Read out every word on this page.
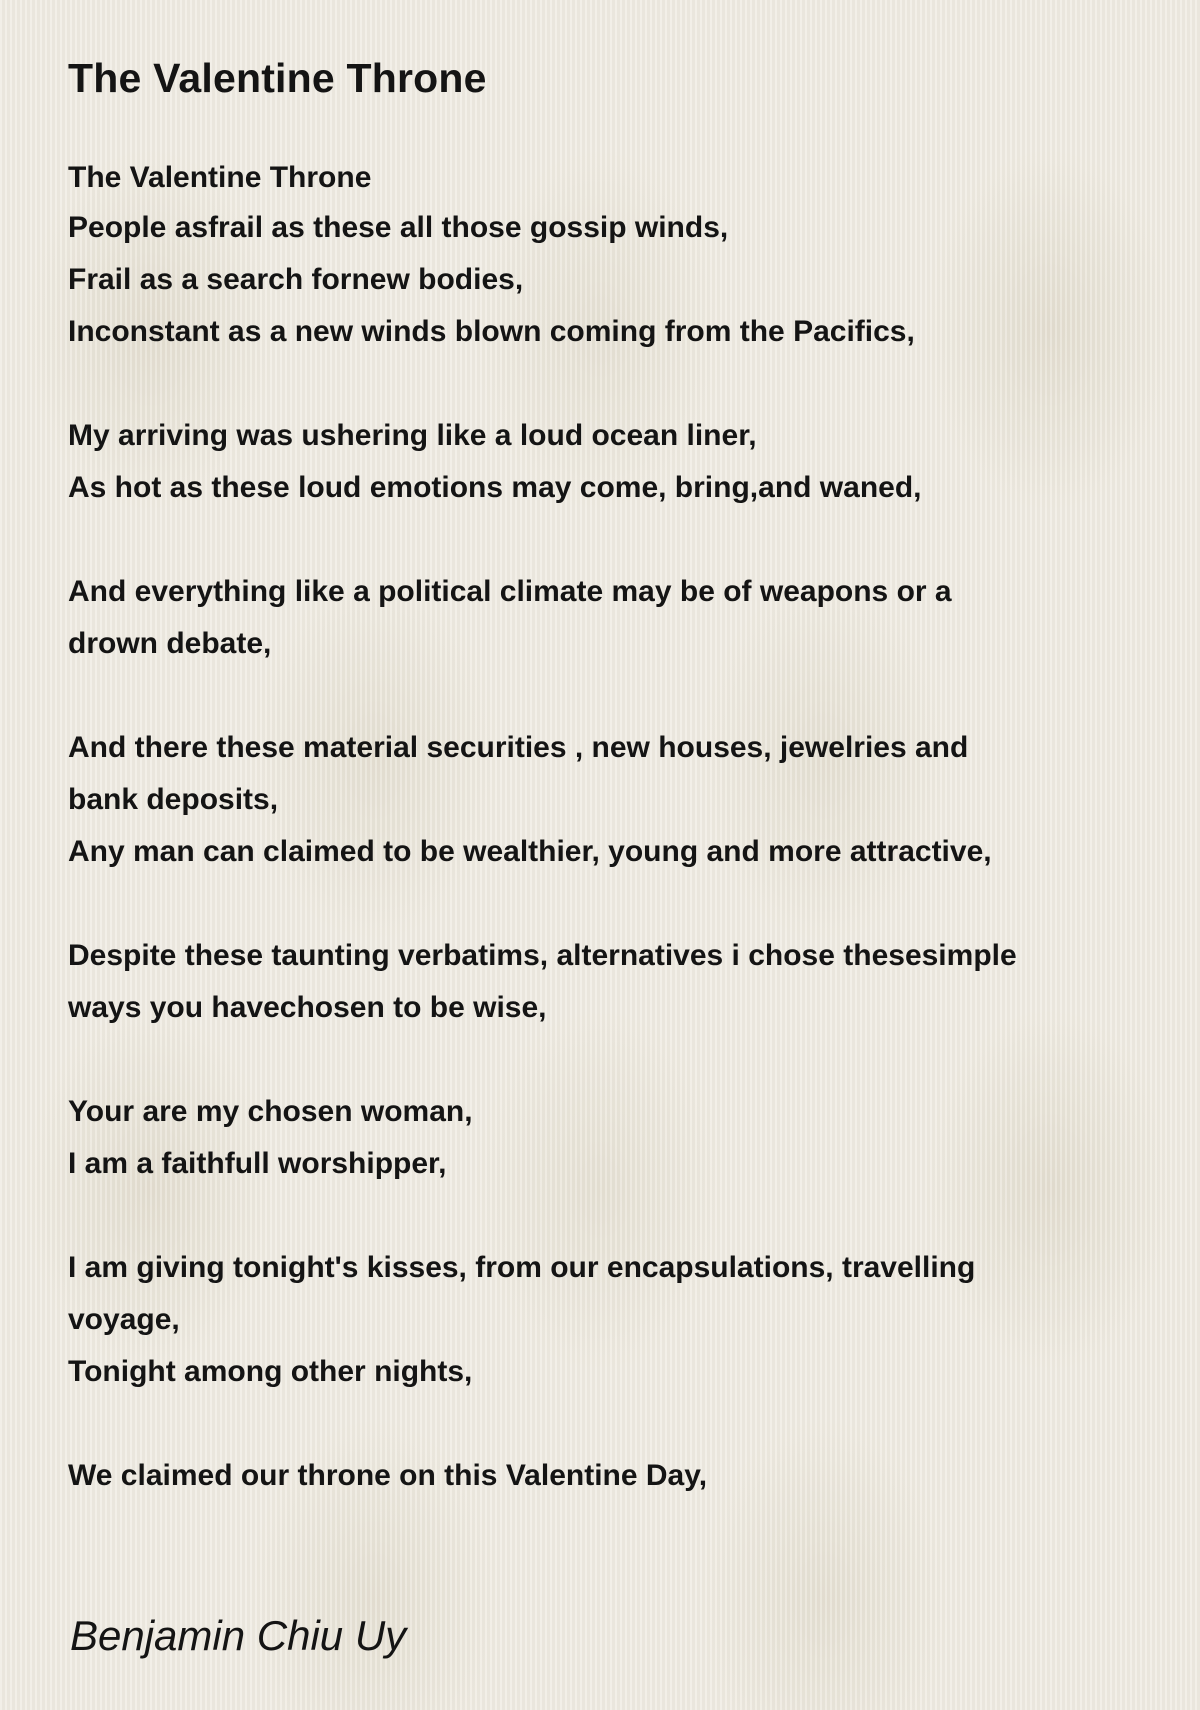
The Valentine Throne
The Valentine Throne
People asfrail as these all those gossip winds,
Frail as a search fornew bodies,
Inconstant as a new winds blown coming from the Pacifics,
My arriving was ushering like a loud ocean liner,
As hot as these loud emotions may come, bring,and waned,
And everything like a political climate may be of weapons or a
drown debate,
And there these material securities , new houses, jewelries and
bank deposits,
Any man can claimed to be wealthier, young and more attractive,
Despite these taunting verbatims, alternatives i chose thesesimple
ways you havechosen to be wise,
Your are my chosen woman,
I am a faithfull worshipper,
I am giving tonight's kisses, from our encapsulations, travelling
voyage,
Tonight among other nights,
We claimed our throne on this Valentine Day,
Benjamin Chiu Uy
